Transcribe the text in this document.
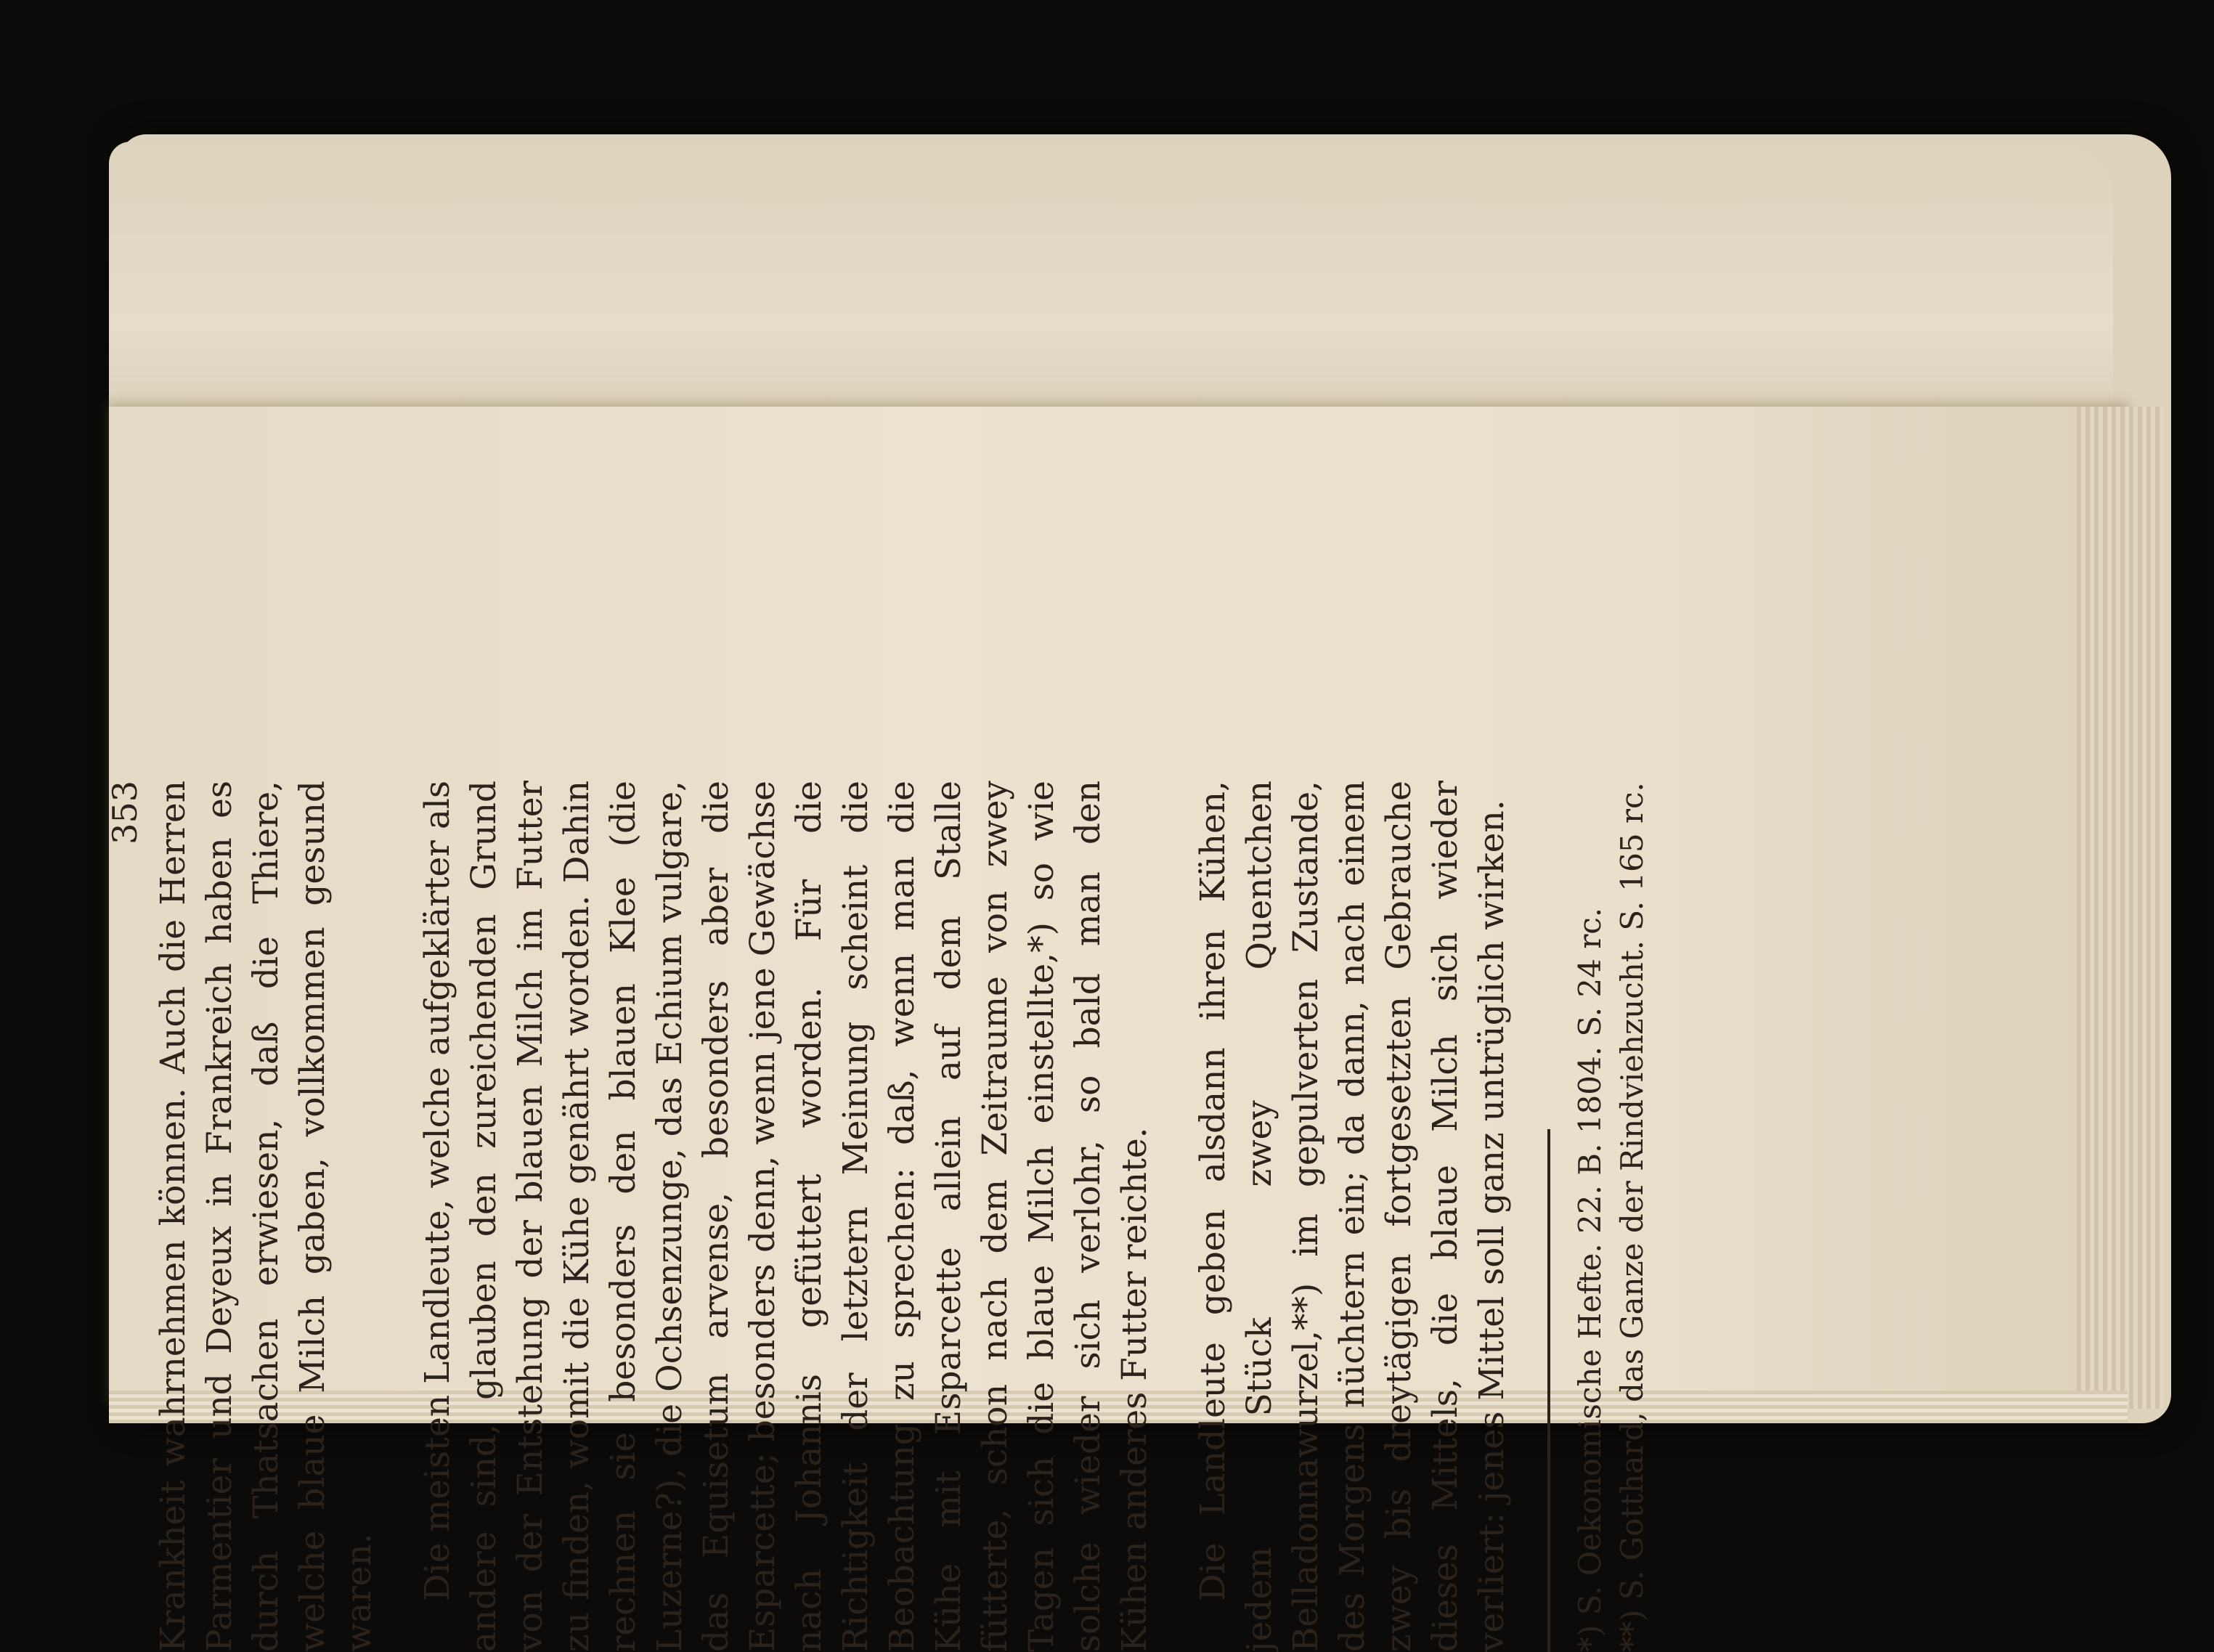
353 Krankheit wahrnehmen können. Auch die Herren Parmentier und Deyeux in Frankreich haben es durch Thatsachen erwiesen, daß die Thiere, welche blaue Milch gaben, vollkommen gesund waren. Die meisten Landleute, welche aufgeklärter als andere sind, glauben den zureichenden Grund von der Entstehung der blauen Milch im Futter zu finden, womit die Kühe genährt worden. Dahin rechnen sie besonders den blauen Klee (die Luzerne?), die Ochsenzunge, das Echium vulgare, das Equisetum arvense, besonders aber die Esparcette; besonders denn, wenn jene Gewächse nach Johannis gefüttert worden. Für die Richtigkeit der letztern Meinung scheint die Beobachtung zu sprechen: daß, wenn man die Kühe mit Esparcette allein auf dem Stalle fütterte, schon nach dem Zeitraume von zwey Tagen sich die blaue Milch einstellte,*) so wie solche wieder sich verlohr, so bald man den Kühen anderes Futter reichte. Die Landleute geben alsdann ihren Kühen, jedem Stück zwey Quentchen Belladonnawurzel,**) im gepulverten Zustande, des Morgens nüchtern ein; da dann, nach einem zwey bis dreytägigen fortgesetzten Gebrauche dieses Mittels, die blaue Milch sich wieder verliert: jenes Mittel soll ganz untrüglich wirken. *) S. Oekonomische Hefte. 22. B. 1804. S. 24 rc. **) S. Gotthard, das Ganze der Rindviehzucht. S. 165 rc.
